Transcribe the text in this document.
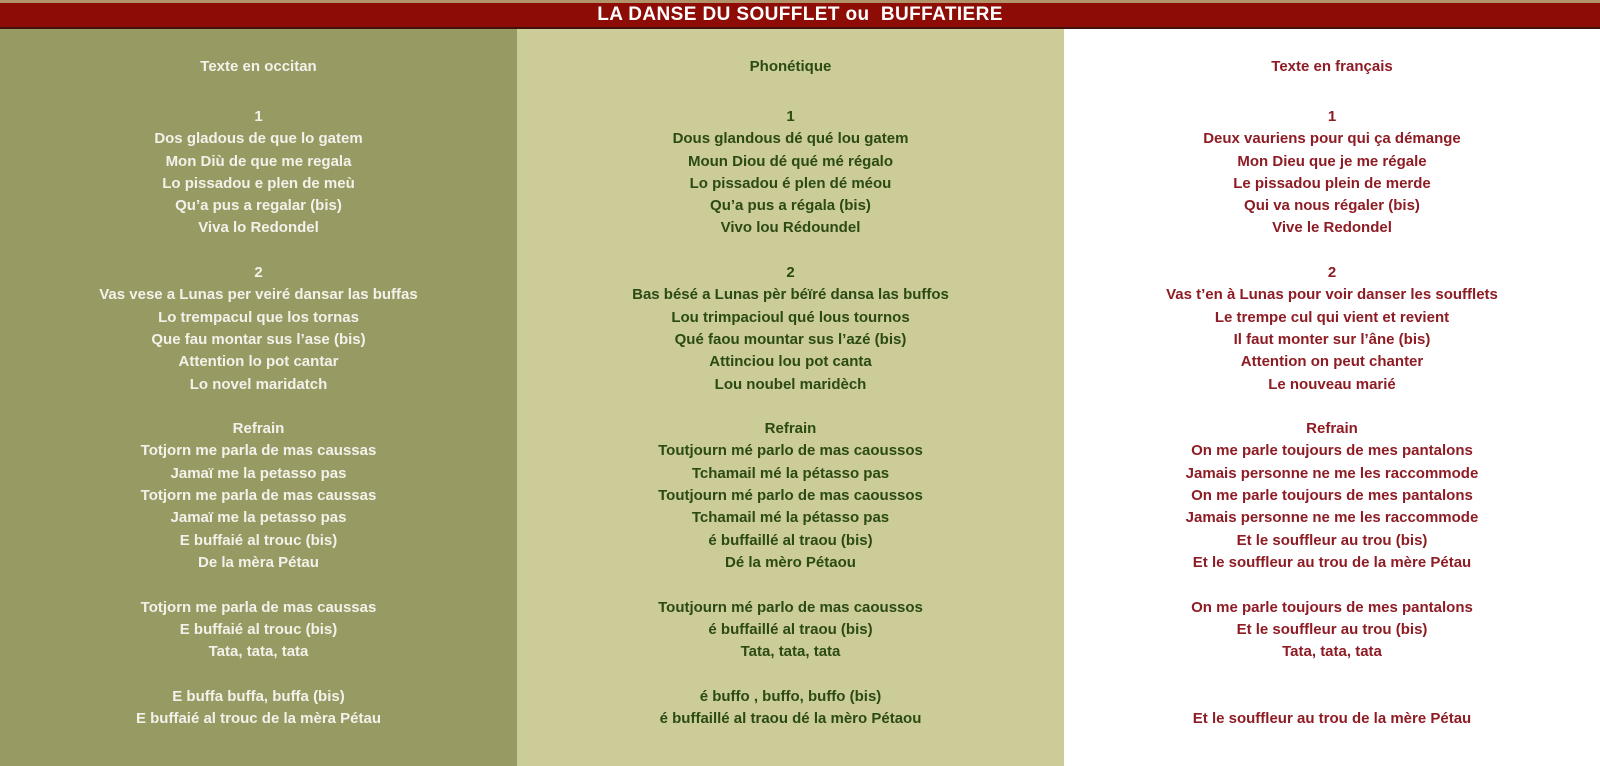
LA DANSE DU SOUFFLET ou  BUFFATIERE
Texte en occitan
1
Dos gladous de que lo gatem
Mon Diù de que me regala
Lo pissadou e plen de meù
Qu’a pus a regalar (bis)
Viva lo Redondel
2
Vas vese a Lunas per veiré dansar las buffas
Lo trempacul que los tornas
Que fau montar sus l’ase (bis)
Attention lo pot cantar
Lo novel maridatch
Refrain
Totjorn me parla de mas caussas
Jamaï me la petasso pas
Totjorn me parla de mas caussas
Jamaï me la petasso pas
E buffaié al trouc (bis)
De la mèra Pétau
Totjorn me parla de mas caussas
E buffaié al trouc (bis)
Tata, tata, tata
E buffa buffa, buffa (bis)
E buffaié al trouc de la mèra Pétau
Phonétique
1
Dous glandous dé qué lou gatem
Moun Diou dé qué mé régalo
Lo pissadou é plen dé méou
Qu’a pus a régala (bis)
Vivo lou Rédoundel
2
Bas bésé a Lunas pèr béïré dansa las buffos
Lou trimpacioul qué lous tournos
Qué faou mountar sus l’azé (bis)
Attinciou lou pot canta
Lou noubel maridèch
Refrain
Toutjourn mé parlo de mas caoussos
Tchamail mé la pétasso pas
Toutjourn mé parlo de mas caoussos
Tchamail mé la pétasso pas
é buffaillé al traou (bis)
Dé la mèro Pétaou
Toutjourn mé parlo de mas caoussos
é buffaillé al traou (bis)
Tata, tata, tata
é buffo , buffo, buffo (bis)
é buffaillé al traou dé la mèro Pétaou
Texte en français
1
Deux vauriens pour qui ça démange
Mon Dieu que je me régale
Le pissadou plein de merde
Qui va nous régaler (bis)
Vive le Redondel
2
Vas t’en à Lunas pour voir danser les soufflets
Le trempe cul qui vient et revient
Il faut monter sur l’âne (bis)
Attention on peut chanter
Le nouveau marié
Refrain
On me parle toujours de mes pantalons
Jamais personne ne me les raccommode
On me parle toujours de mes pantalons
Jamais personne ne me les raccommode
Et le souffleur au trou (bis)
Et le souffleur au trou de la mère Pétau
On me parle toujours de mes pantalons
Et le souffleur au trou (bis)
Tata, tata, tata

Et le souffleur au trou de la mère Pétau
